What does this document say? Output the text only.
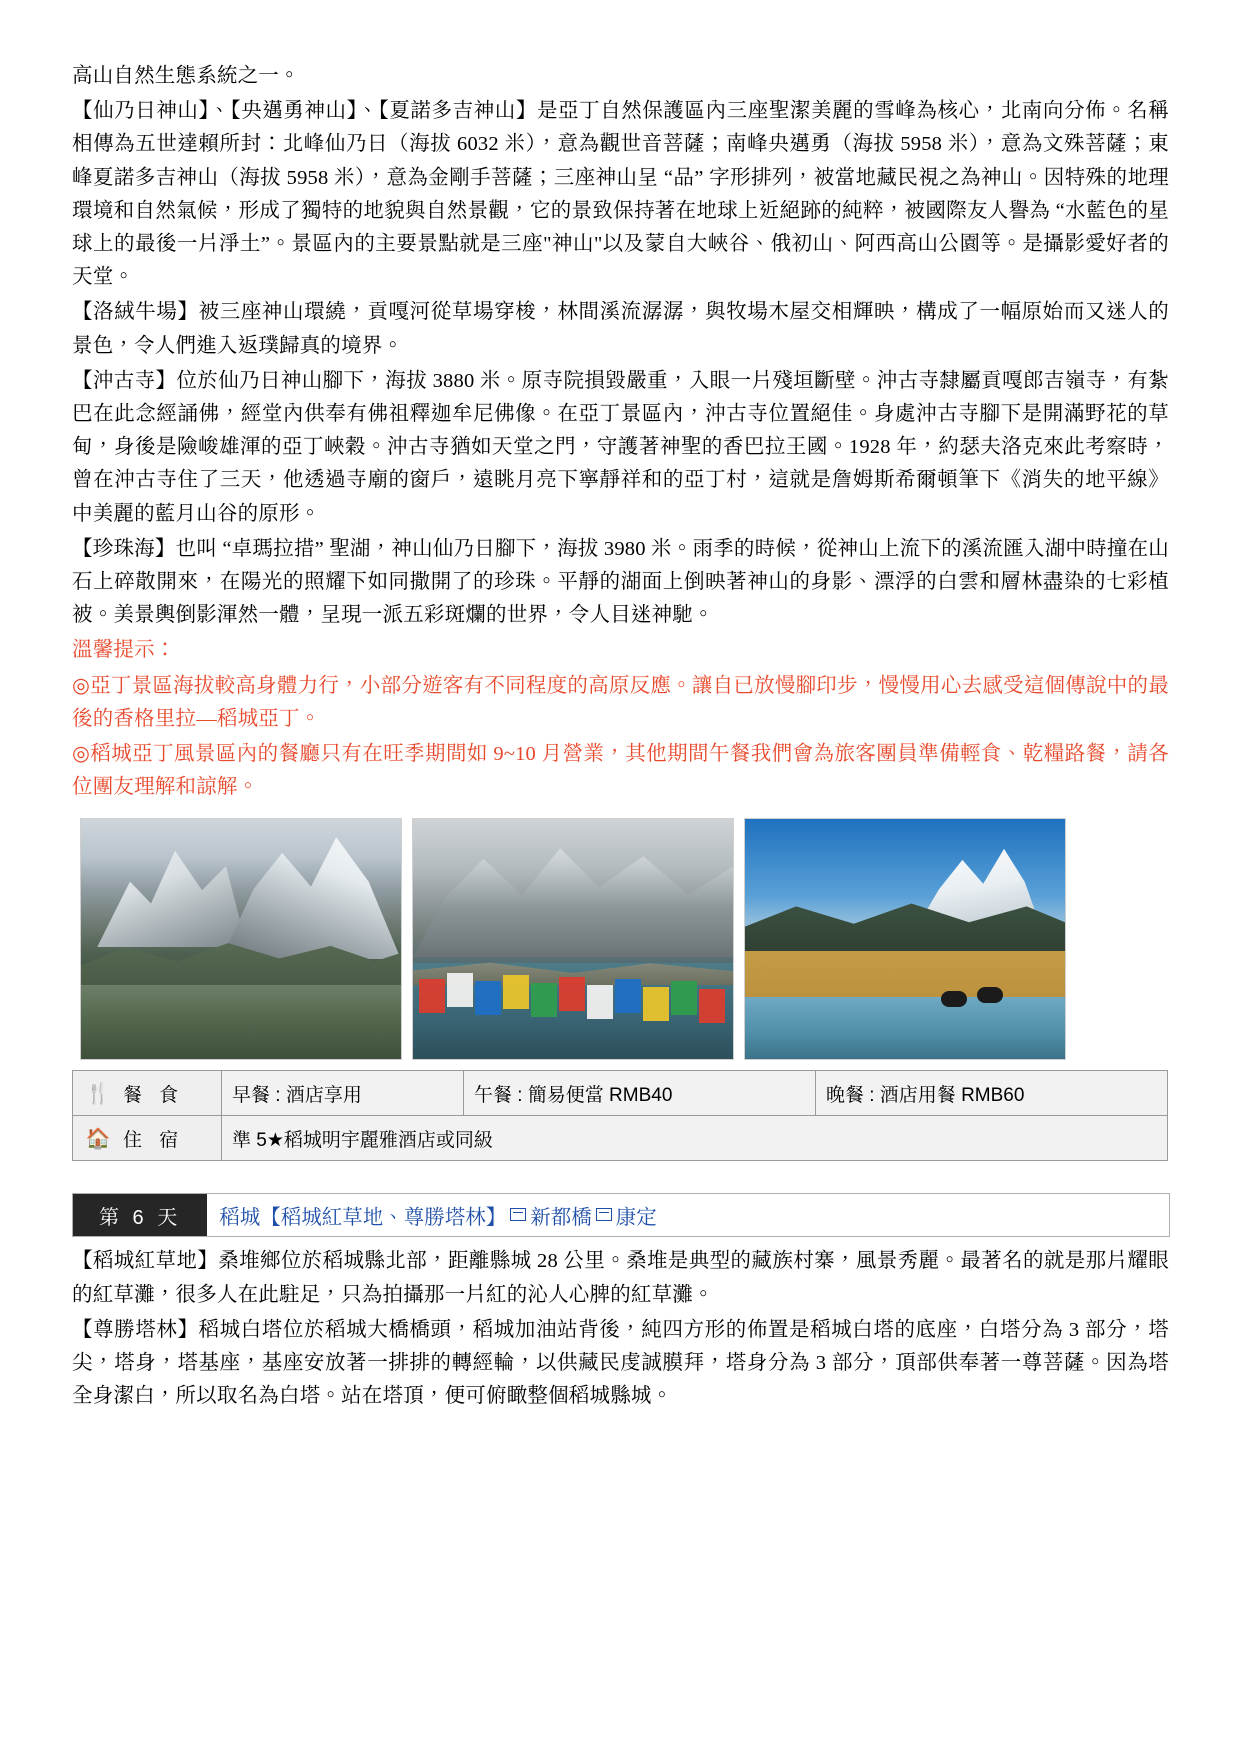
高山自然生態系統之一。

【仙乃日神山】、【央邁勇神山】、【夏諾多吉神山】是亞丁自然保護區內三座聖潔美麗的雪峰為核心，北南向分佈。名稱相傳為五世達賴所封：北峰仙乃日（海拔 6032 米），意為觀世音菩薩；南峰央邁勇（海拔 5958 米），意為文殊菩薩；東峰夏諾多吉神山（海拔 5958 米），意為金剛手菩薩；三座神山呈 “品” 字形排列，被當地藏民視之為神山。因特殊的地理環境和自然氣候，形成了獨特的地貌與自然景觀，它的景致保持著在地球上近絕跡的純粹，被國際友人譽為 “水藍色的星球上的最後一片淨土”。景區內的主要景點就是三座"神山"以及蒙自大峽谷、俄初山、阿西高山公園等。是攝影愛好者的天堂。

【洛絨牛場】被三座神山環繞，貢嘎河從草場穿梭，林間溪流潺潺，與牧場木屋交相輝映，構成了一幅原始而又迷人的景色，令人們進入返璞歸真的境界。

【沖古寺】位於仙乃日神山腳下，海拔 3880 米。原寺院損毀嚴重，入眼一片殘垣斷壁。沖古寺隸屬貢嘎郎吉嶺寺，有紮巴在此念經誦佛，經堂內供奉有佛祖釋迦牟尼佛像。在亞丁景區內，沖古寺位置絕佳。身處沖古寺腳下是開滿野花的草甸，身後是險峻雄渾的亞丁峽穀。沖古寺猶如天堂之門，守護著神聖的香巴拉王國。1928 年，約瑟夫洛克來此考察時，曾在沖古寺住了三天，他透過寺廟的窗戶，遠眺月亮下寧靜祥和的亞丁村，這就是詹姆斯希爾頓筆下《消失的地平線》中美麗的藍月山谷的原形。

【珍珠海】也叫 “卓瑪拉措” 聖湖，神山仙乃日腳下，海拔 3980 米。雨季的時候，從神山上流下的溪流匯入湖中時撞在山石上碎散開來，在陽光的照耀下如同撒開了的珍珠。平靜的湖面上倒映著神山的身影、漂浮的白雲和層林盡染的七彩植被。美景輿倒影渾然一體，呈現一派五彩斑爛的世界，令人目迷神馳。

溫馨提示：

◎亞丁景區海拔較高身體力行，小部分遊客有不同程度的高原反應。讓自已放慢腳印步，慢慢用心去感受這個傳說中的最後的香格里拉—稻城亞丁。

◎稻城亞丁風景區內的餐廳只有在旺季期間如 9~10 月營業，其他期間午餐我們會為旅客團員準備輕食、乾糧路餐，請各位團友理解和諒解。

🍴 餐 食	早餐 : 酒店享用	午餐 : 簡易便當 RMB40	晚餐 : 酒店用餐 RMB60

🏠 住 宿	準 5★稻城明宇麗雅酒店或同級		
第 6 天	稻城【稻城紅草地、尊勝塔林】 新都橋 康定

【稻城紅草地】桑堆鄉位於稻城縣北部，距離縣城 28 公里。桑堆是典型的藏族村寨，風景秀麗。最著名的就是那片耀眼的紅草灘，很多人在此駐足，只為拍攝那一片紅的沁人心脾的紅草灘。

【尊勝塔林】稻城白塔位於稻城大橋橋頭，稻城加油站背後，純四方形的佈置是稻城白塔的底座，白塔分為 3 部分，塔尖，塔身，塔基座，基座安放著一排排的轉經輪，以供藏民虔誠膜拜，塔身分為 3 部分，頂部供奉著一尊菩薩。因為塔全身潔白，所以取名為白塔。站在塔頂，便可俯瞰整個稻城縣城。
